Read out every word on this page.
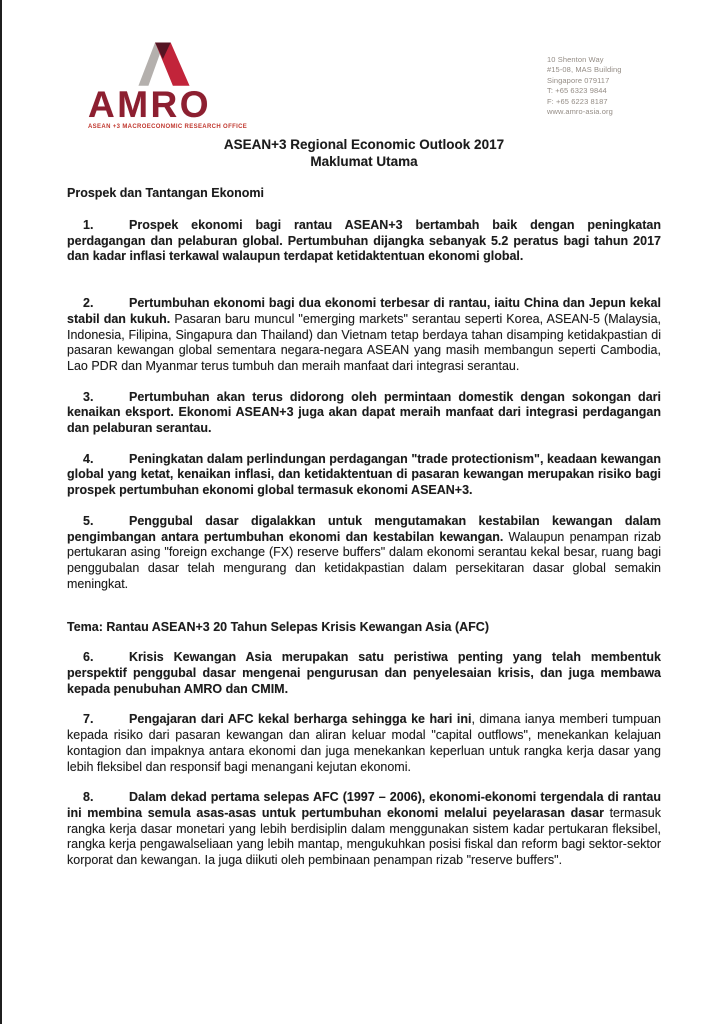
AMRO
ASEAN +3 MACROECONOMIC RESEARCH OFFICE
10 Shenton Way
#15-08, MAS Building
Singapore 079117
T: +65 6323 9844
F: +65 6223 8187
www.amro-asia.org
ASEAN+3 Regional Economic Outlook 2017
Maklumat Utama
Prospek dan Tantangan Ekonomi

1.	Prospek ekonomi bagi rantau ASEAN+3 bertambah baik dengan peningkatan perdagangan dan pelaburan global. Pertumbuhan dijangka sebanyak 5.2 peratus bagi tahun 2017 dan kadar inflasi terkawal walaupun terdapat ketidaktentuan ekonomi global.

2.	Pertumbuhan ekonomi bagi dua ekonomi terbesar di rantau, iaitu China dan Jepun kekal stabil dan kukuh. Pasaran baru muncul "emerging markets" serantau seperti Korea, ASEAN-5 (Malaysia, Indonesia, Filipina, Singapura dan Thailand) dan Vietnam tetap berdaya tahan disamping ketidakpastian di pasaran kewangan global sementara negara-negara ASEAN yang masih membangun seperti Cambodia, Lao PDR dan Myanmar terus tumbuh dan meraih manfaat dari integrasi serantau.

3.	Pertumbuhan akan terus didorong oleh permintaan domestik dengan sokongan dari kenaikan eksport. Ekonomi ASEAN+3 juga akan dapat meraih manfaat dari integrasi perdagangan dan pelaburan serantau.

4.	Peningkatan dalam perlindungan perdagangan "trade protectionism", keadaan kewangan global yang ketat, kenaikan inflasi, dan ketidaktentuan di pasaran kewangan merupakan risiko bagi prospek pertumbuhan ekonomi global termasuk ekonomi ASEAN+3.

5.	Penggubal dasar digalakkan untuk mengutamakan kestabilan kewangan dalam pengimbangan antara pertumbuhan ekonomi dan kestabilan kewangan. Walaupun penampan rizab pertukaran asing "foreign exchange (FX) reserve buffers" dalam ekonomi serantau kekal besar, ruang bagi penggubalan dasar telah mengurang dan ketidakpastian dalam persekitaran dasar global semakin meningkat.

Tema: Rantau ASEAN+3 20 Tahun Selepas Krisis Kewangan Asia (AFC)

6.	Krisis Kewangan Asia merupakan satu peristiwa penting yang telah membentuk perspektif penggubal dasar mengenai pengurusan dan penyelesaian krisis, dan juga membawa kepada penubuhan AMRO dan CMIM.

7.	Pengajaran dari AFC kekal berharga sehingga ke hari ini, dimana ianya memberi tumpuan kepada risiko dari pasaran kewangan dan aliran keluar modal "capital outflows", menekankan kelajuan kontagion dan impaknya antara ekonomi dan juga menekankan keperluan untuk rangka kerja dasar yang lebih fleksibel dan responsif bagi menangani kejutan ekonomi.

8.	Dalam dekad pertama selepas AFC (1997 – 2006), ekonomi-ekonomi tergendala di rantau ini membina semula asas-asas untuk pertumbuhan ekonomi melalui peyelarasan dasar termasuk rangka kerja dasar monetari yang lebih berdisiplin dalam menggunakan sistem kadar pertukaran fleksibel, rangka kerja pengawalseliaan yang lebih mantap, mengukuhkan posisi fiskal dan reform bagi sektor-sektor korporat dan kewangan. Ia juga diikuti oleh pembinaan penampan rizab "reserve buffers".
